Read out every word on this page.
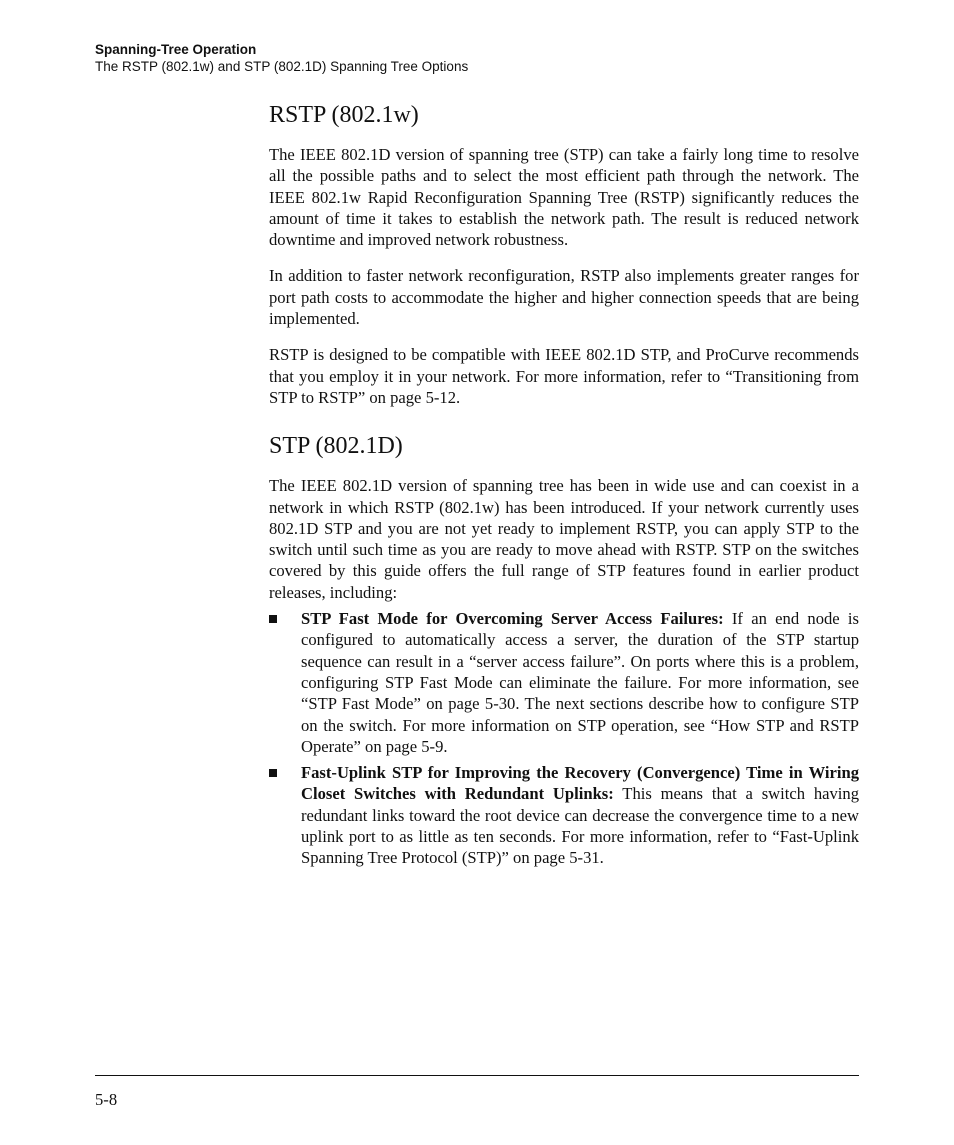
Spanning-Tree Operation
The RSTP (802.1w) and STP (802.1D) Spanning Tree Options
RSTP (802.1w)

The IEEE 802.1D version of spanning tree (STP) can take a fairly long time to resolve all the possible paths and to select the most efficient path through the network. The IEEE 802.1w Rapid Reconfiguration Spanning Tree (RSTP) significantly reduces the amount of time it takes to establish the network path. The result is reduced network downtime and improved network robustness.

In addition to faster network reconfiguration, RSTP also implements greater ranges for port path costs to accommodate the higher and higher connection speeds that are being implemented.

RSTP is designed to be compatible with IEEE 802.1D STP, and ProCurve recommends that you employ it in your network. For more information, refer to “Transitioning from STP to RSTP” on page 5-12.

STP (802.1D)

The IEEE 802.1D version of spanning tree has been in wide use and can coexist in a network in which RSTP (802.1w) has been introduced. If your network currently uses 802.1D STP and you are not yet ready to implement RSTP, you can apply STP to the switch until such time as you are ready to move ahead with RSTP. STP on the switches covered by this guide offers the full range of STP features found in earlier product releases, including:

STP Fast Mode for Overcoming Server Access Failures: If an end node is configured to automatically access a server, the duration of the STP startup sequence can result in a “server access failure”. On ports where this is a problem, configuring STP Fast Mode can eliminate the failure. For more information, see “STP Fast Mode” on page 5-30. The next sections describe how to configure STP on the switch. For more information on STP operation, see “How STP and RSTP Operate” on page 5-9.
Fast-Uplink STP for Improving the Recovery (Convergence) Time in Wiring Closet Switches with Redundant Uplinks: This means that a switch having redundant links toward the root device can decrease the convergence time to a new uplink port to as little as ten seconds. For more information, refer to “Fast-Uplink Spanning Tree Protocol (STP)” on page 5-31.
5-8
